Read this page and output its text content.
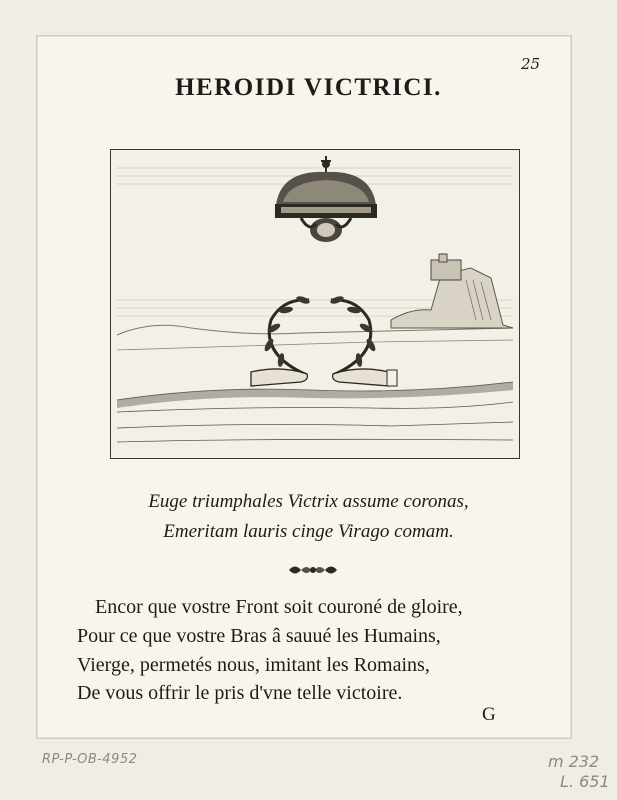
25
HEROIDI VICTRICI.
Euge triumphales Victrix assume coronas,
Emeritam lauris cinge Virago comam.
Encor que vostre Front soit couroné de gloire,
Pour ce que vostre Bras â sauué les Humains,
Vierge, permetés nous, imitant les Romains,
De vous offrir le pris d'vne telle victoire.
G
RP-P-OB-4952	m 232
L. 651
